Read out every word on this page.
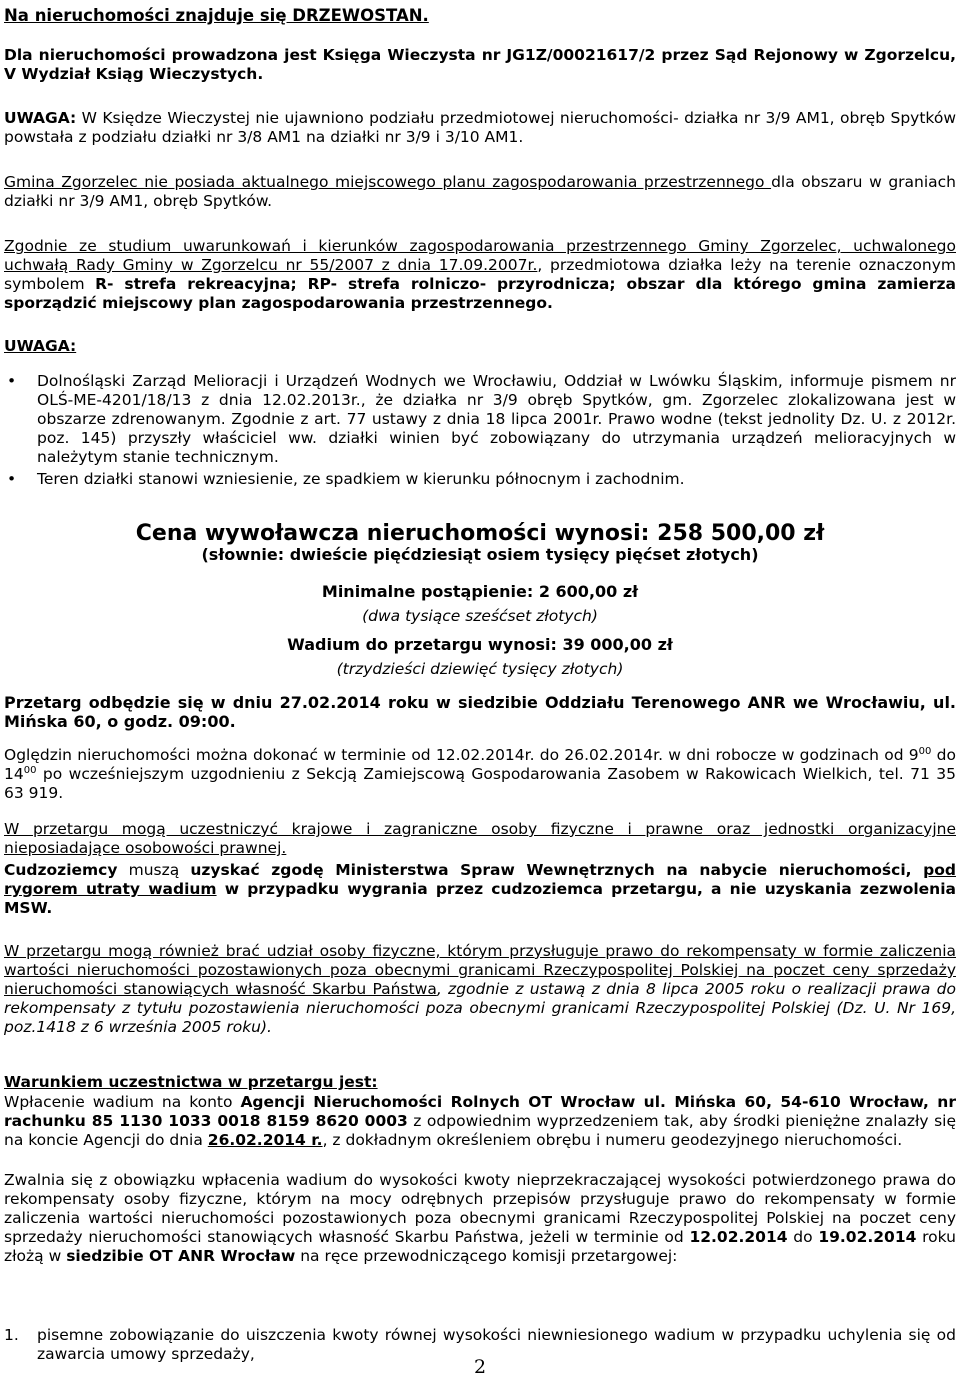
Na nieruchomości znajduje się DRZEWOSTAN.

Dla nieruchomości prowadzona jest Księga Wieczysta nr JG1Z/00021617/2 przez Sąd Rejonowy w Zgorzelcu, V Wydział Ksiąg Wieczystych.

UWAGA: W Księdze Wieczystej nie ujawniono podziału przedmiotowej nieruchomości- działka nr 3/9 AM1, obręb Spytków powstała z podziału działki nr 3/8 AM1 na działki nr 3/9 i 3/10 AM1.

Gmina Zgorzelec nie posiada aktualnego miejscowego planu zagospodarowania przestrzennego dla obszaru w graniach działki nr 3/9 AM1, obręb Spytków.

Zgodnie ze studium uwarunkowań i kierunków zagospodarowania przestrzennego Gminy Zgorzelec, uchwalonego uchwałą Rady Gminy w Zgorzelcu nr 55/2007 z dnia 17.09.2007r., przedmiotowa działka leży na terenie oznaczonym symbolem R- strefa rekreacyjna; RP- strefa rolniczo- przyrodnicza; obszar dla którego gmina zamierza sporządzić miejscowy plan zagospodarowania przestrzennego.

UWAGA:

• Dolnośląski Zarząd Melioracji i Urządzeń Wodnych we Wrocławiu, Oddział w Lwówku Śląskim, informuje pismem nr OLŚ-ME-4201/18/13 z dnia 12.02.2013r., że działka nr 3/9 obręb Spytków, gm. Zgorzelec zlokalizowana jest w obszarze zdrenowanym. Zgodnie z art. 77 ustawy z dnia 18 lipca 2001r. Prawo wodne (tekst jednolity Dz. U. z 2012r. poz. 145) przyszły właściciel ww. działki winien być zobowiązany do utrzymania urządzeń melioracyjnych w należytym stanie technicznym.
• Teren działki stanowi wzniesienie, ze spadkiem w kierunku północnym i zachodnim.
Cena wywoławcza nieruchomości wynosi: 258 500,00 zł
(słownie: dwieście pięćdziesiąt osiem tysięcy pięćset złotych)
Minimalne postąpienie: 2 600,00 zł
(dwa tysiące sześćset złotych)
Wadium do przetargu wynosi: 39 000,00 zł
(trzydzieści dziewięć tysięcy złotych)

Przetarg odbędzie się w dniu 27.02.2014 roku w siedzibie Oddziału Terenowego ANR we Wrocławiu, ul. Mińska 60, o godz. 09:00.

Oględzin nieruchomości można dokonać w terminie od 12.02.2014r. do 26.02.2014r. w dni robocze w godzinach od $9^{00}$ do $14^{00}$ po wcześniejszym uzgodnieniu z Sekcją Zamiejscową Gospodarowania Zasobem w Rakowicach Wielkich, tel. 71 35 63 919.

W przetargu mogą uczestniczyć krajowe i zagraniczne osoby fizyczne i prawne oraz jednostki organizacyjne nieposiadające osobowości prawnej.

Cudzoziemcy muszą uzyskać zgodę Ministerstwa Spraw Wewnętrznych na nabycie nieruchomości, pod rygorem utraty wadium w przypadku wygrania przez cudzoziemca przetargu, a nie uzyskania zezwolenia MSW.

W przetargu mogą również brać udział osoby fizyczne, którym przysługuje prawo do rekompensaty w formie zaliczenia wartości nieruchomości pozostawionych poza obecnymi granicami Rzeczypospolitej Polskiej na poczet ceny sprzedaży nieruchomości stanowiących własność Skarbu Państwa, zgodnie z ustawą z dnia 8 lipca 2005 roku o realizacji prawa do rekompensaty z tytułu pozostawienia nieruchomości poza obecnymi granicami Rzeczypospolitej Polskiej (Dz. U. Nr 169, poz.1418 z 6 września 2005 roku).

Warunkiem uczestnictwa w przetargu jest:

Wpłacenie wadium na konto Agencji Nieruchomości Rolnych OT Wrocław ul. Mińska 60, 54-610 Wrocław, nr rachunku 85 1130 1033 0018 8159 8620 0003 z odpowiednim wyprzedzeniem tak, aby środki pieniężne znalazły się na koncie Agencji do dnia 26.02.2014 r., z dokładnym określeniem obrębu i numeru geodezyjnego nieruchomości.

Zwalnia się z obowiązku wpłacenia wadium do wysokości kwoty nieprzekraczającej wysokości potwierdzonego prawa do rekompensaty osoby fizyczne, którym na mocy odrębnych przepisów przysługuje prawo do rekompensaty w formie zaliczenia wartości nieruchomości pozostawionych poza obecnymi granicami Rzeczypospolitej Polskiej na poczet ceny sprzedaży nieruchomości stanowiących własność Skarbu Państwa, jeżeli w terminie od 12.02.2014 do 19.02.2014 roku złożą w siedzibie OT ANR Wrocław na ręce przewodniczącego komisji przetargowej:

1. pisemne zobowiązanie do uiszczenia kwoty równej wysokości niewniesionego wadium w przypadku uchylenia się od zawarcia umowy sprzedaży,
2
